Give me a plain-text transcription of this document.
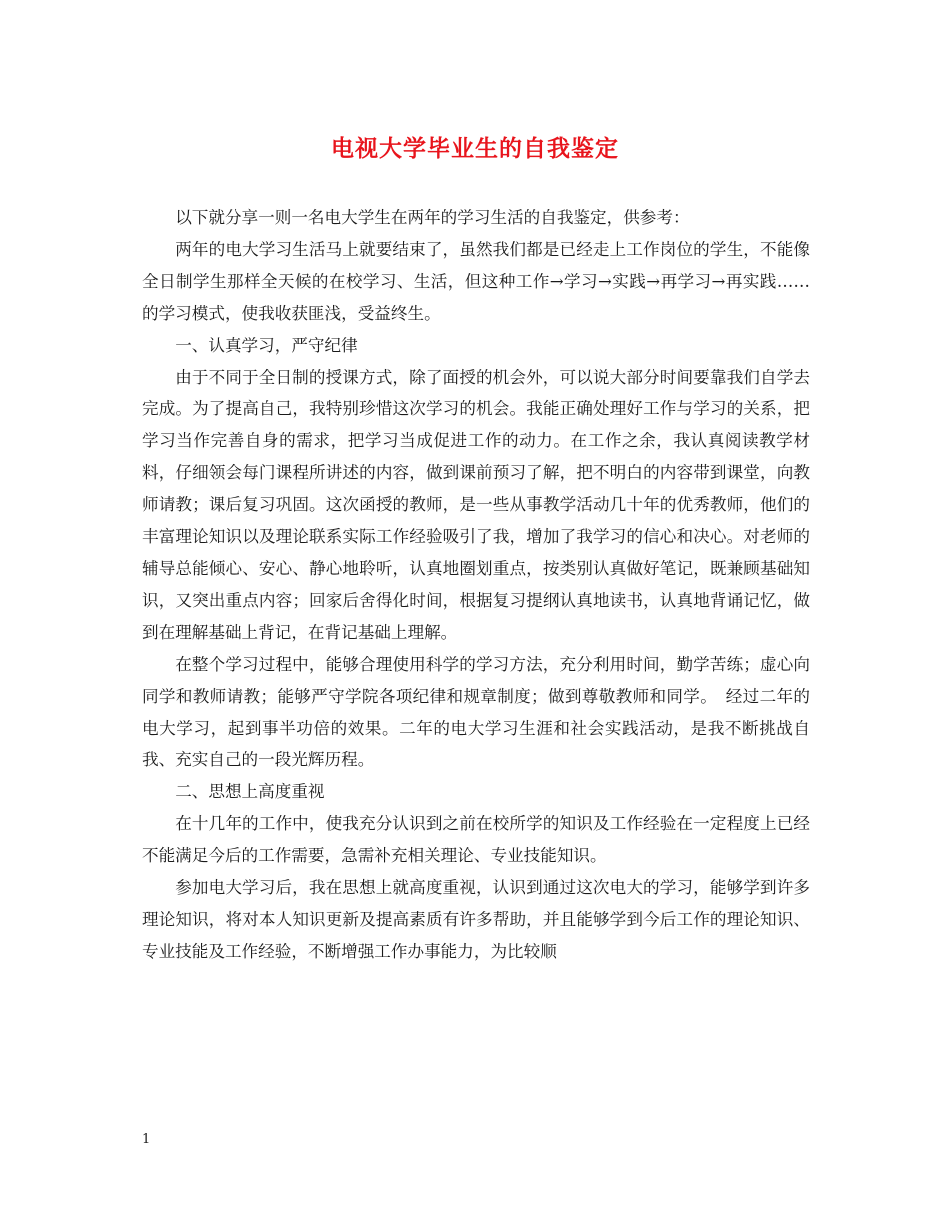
电视大学毕业生的自我鉴定

以下就分享一则一名电大学生在两年的学习生活的自我鉴定，供参考：

两年的电大学习生活马上就要结束了，虽然我们都是已经走上工作岗位的学生，不能像全日制学生那样全天候的在校学习、生活，但这种工作→学习→实践→再学习→再实践……的学习模式，使我收获匪浅，受益终生。

一、认真学习，严守纪律

由于不同于全日制的授课方式，除了面授的机会外，可以说大部分时间要靠我们自学去完成。为了提高自己，我特别珍惜这次学习的机会。我能正确处理好工作与学习的关系，把学习当作完善自身的需求，把学习当成促进工作的动力。在工作之余，我认真阅读教学材料，仔细领会每门课程所讲述的内容，做到课前预习了解，把不明白的内容带到课堂，向教师请教；课后复习巩固。这次函授的教师，是一些从事教学活动几十年的优秀教师，他们的丰富理论知识以及理论联系实际工作经验吸引了我，增加了我学习的信心和决心。对老师的辅导总能倾心、安心、静心地聆听，认真地圈划重点，按类别认真做好笔记，既兼顾基础知识，又突出重点内容；回家后舍得化时间，根据复习提纲认真地读书，认真地背诵记忆，做到在理解基础上背记，在背记基础上理解。

在整个学习过程中，能够合理使用科学的学习方法，充分利用时间，勤学苦练；虚心向同学和教师请教；能够严守学院各项纪律和规章制度；做到尊敬教师和同学。　经过二年的电大学习，起到事半功倍的效果。二年的电大学习生涯和社会实践活动，是我不断挑战自我、充实自己的一段光辉历程。

二、思想上高度重视

在十几年的工作中，使我充分认识到之前在校所学的知识及工作经验在一定程度上已经不能满足今后的工作需要，急需补充相关理论、专业技能知识。

参加电大学习后，我在思想上就高度重视，认识到通过这次电大的学习，能够学到许多理论知识，将对本人知识更新及提高素质有许多帮助，并且能够学到今后工作的理论知识、专业技能及工作经验，不断增强工作办事能力，为比较顺

1
